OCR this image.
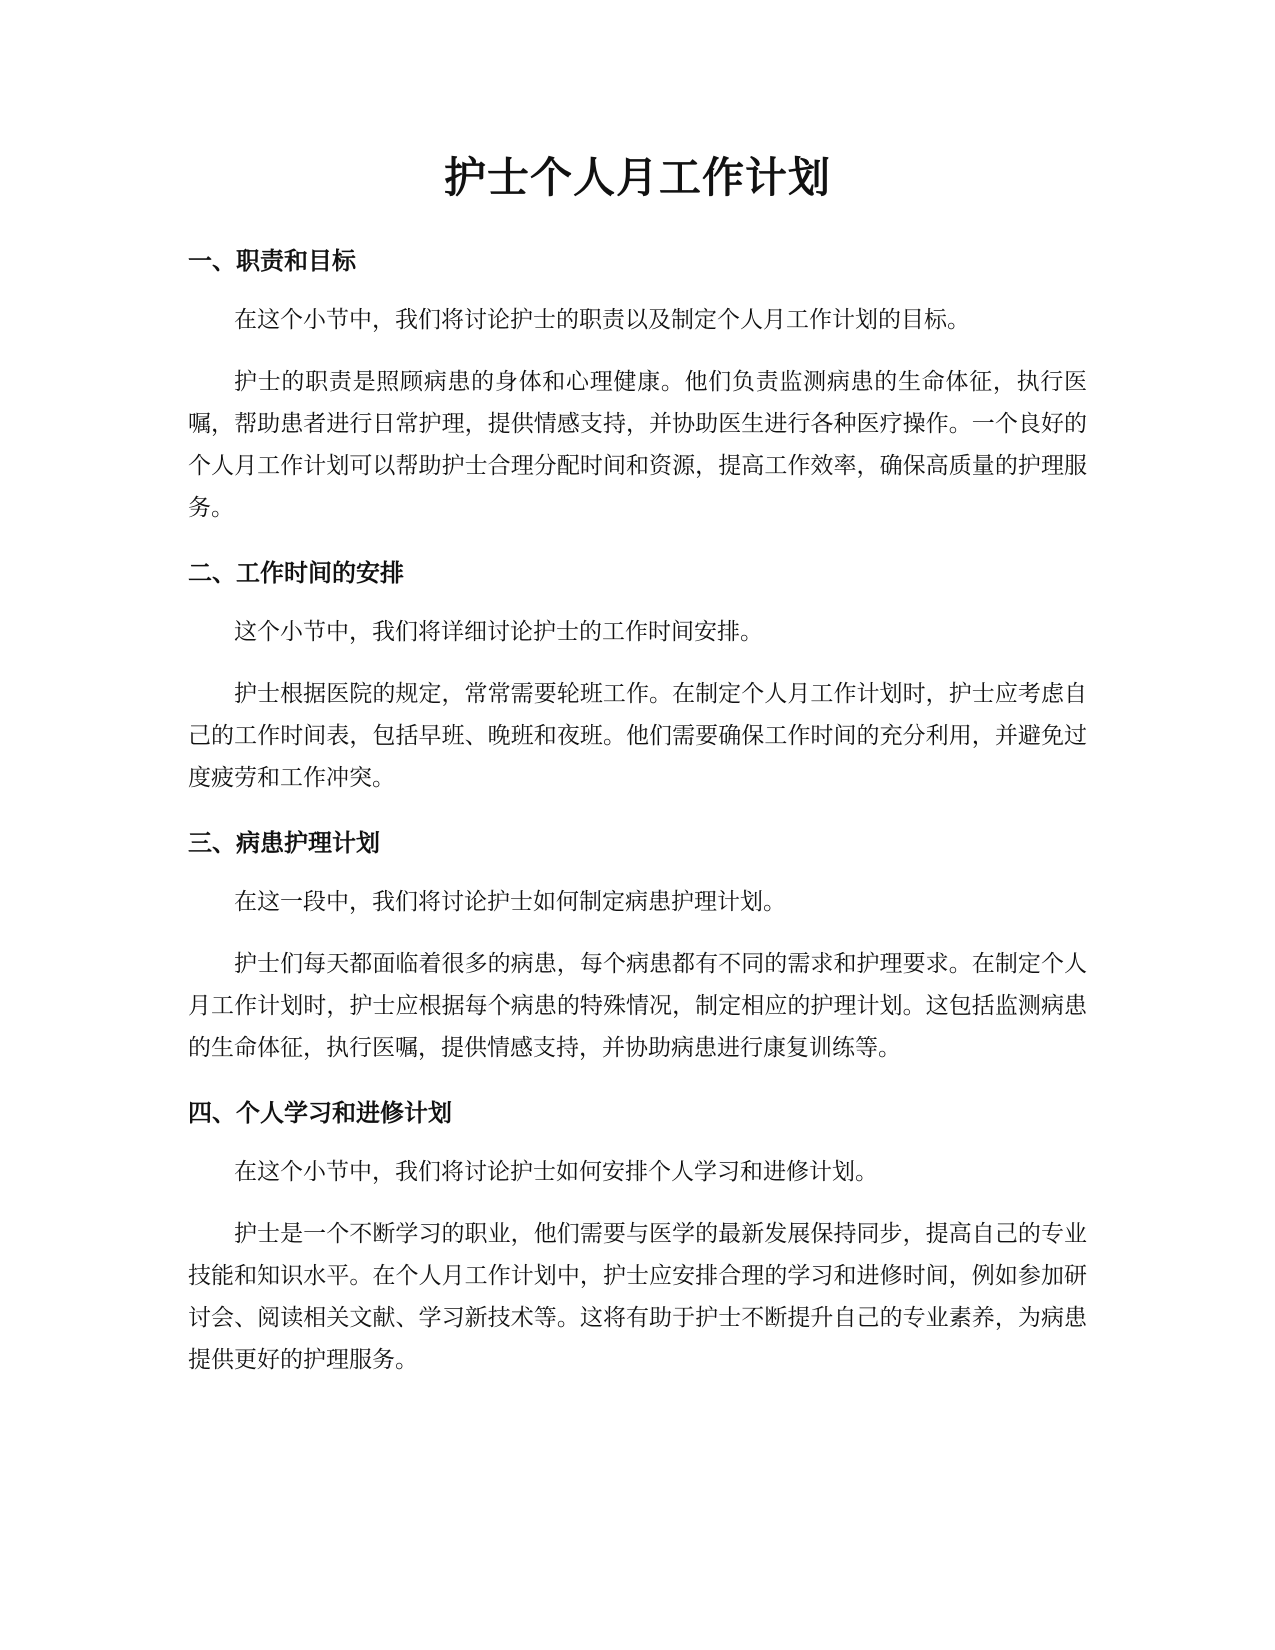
护士个人月工作计划
一、职责和目标

在这个小节中，我们将讨论护士的职责以及制定个人月工作计划的目标。

护士的职责是照顾病患的身体和心理健康。他们负责监测病患的生命体征，执行医嘱，帮助患者进行日常护理，提供情感支持，并协助医生进行各种医疗操作。一个良好的个人月工作计划可以帮助护士合理分配时间和资源，提高工作效率，确保高质量的护理服务。

二、工作时间的安排

这个小节中，我们将详细讨论护士的工作时间安排。

护士根据医院的规定，常常需要轮班工作。在制定个人月工作计划时，护士应考虑自己的工作时间表，包括早班、晚班和夜班。他们需要确保工作时间的充分利用，并避免过度疲劳和工作冲突。

三、病患护理计划

在这一段中，我们将讨论护士如何制定病患护理计划。

护士们每天都面临着很多的病患，每个病患都有不同的需求和护理要求。在制定个人月工作计划时，护士应根据每个病患的特殊情况，制定相应的护理计划。这包括监测病患的生命体征，执行医嘱，提供情感支持，并协助病患进行康复训练等。

四、个人学习和进修计划

在这个小节中，我们将讨论护士如何安排个人学习和进修计划。

护士是一个不断学习的职业，他们需要与医学的最新发展保持同步，提高自己的专业技能和知识水平。在个人月工作计划中，护士应安排合理的学习和进修时间，例如参加研讨会、阅读相关文献、学习新技术等。这将有助于护士不断提升自己的专业素养，为病患提供更好的护理服务。
